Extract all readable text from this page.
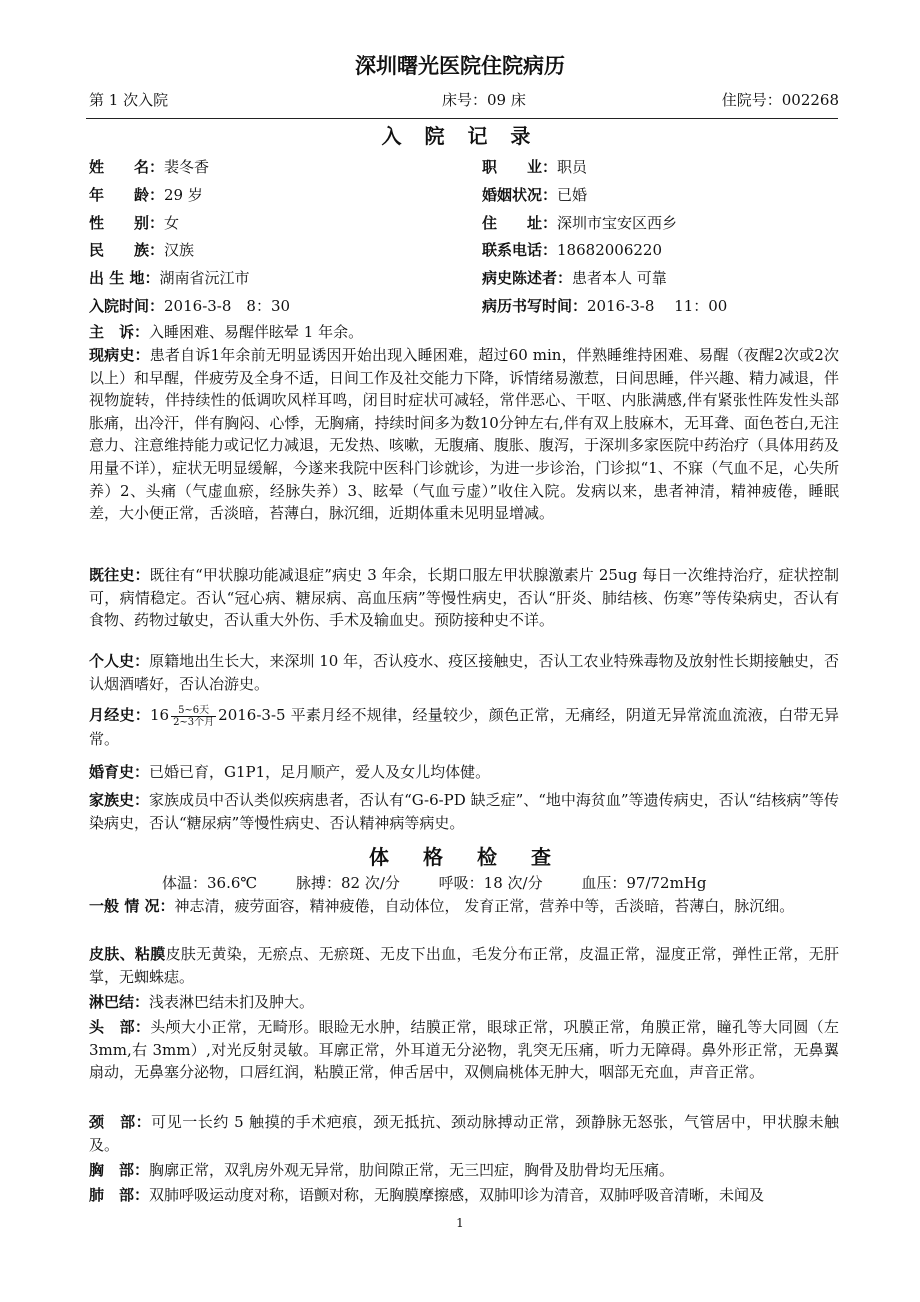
深圳曙光医院住院病历
第 1 次入院	床号：09 床	住院号：002268
入 院 记 录
姓　　名：裴冬香	职　　业：职员
年　　龄：29 岁	婚姻状况：已婚
性　　别：女	住　　址：深圳市宝安区西乡
民　　族：汉族	联系电话：18682006220
出 生 地：湖南省沅江市	病史陈述者：患者本人 可靠
入院时间：2016-3-8　8：30	病历书写时间：2016-3-8　 11：00
主　诉：入睡困难、易醒伴眩晕 1 年余。
现病史：患者自诉1年余前无明显诱因开始出现入睡困难，超过60 min，伴熟睡维持困难、易醒（夜醒2次或2次以上）和早醒，伴疲劳及全身不适，日间工作及社交能力下降，诉情绪易激惹，日间思睡，伴兴趣、精力减退，伴视物旋转，伴持续性的低调吹风样耳鸣，闭目时症状可减轻，常伴恶心、干呕、内胀满感,伴有紧张性阵发性头部胀痛，出冷汗，伴有胸闷、心悸，无胸痛，持续时间多为数10分钟左右,伴有双上肢麻木，无耳聋、面色苍白,无注意力、注意维持能力或记忆力减退，无发热、咳嗽，无腹痛、腹胀、腹泻，于深圳多家医院中药治疗（具体用药及用量不详），症状无明显缓解，今遂来我院中医科门诊就诊，为进一步诊治，门诊拟“1、不寐（气血不足，心失所养）2、头痛（气虚血瘀，经脉失养）3、眩晕（气血亏虚）”收住入院。发病以来，患者神清，精神疲倦，睡眠差，大小便正常，舌淡暗，苔薄白，脉沉细，近期体重未见明显增减。
既往史：既往有“甲状腺功能减退症”病史 3 年余，长期口服左甲状腺激素片 25ug 每日一次维持治疗，症状控制可，病情稳定。否认“冠心病、糖尿病、高血压病”等慢性病史，否认“肝炎、肺结核、伤寒”等传染病史，否认有食物、药物过敏史，否认重大外伤、手术及输血史。预防接种史不详。
个人史：原籍地出生长大，来深圳 10 年，否认疫水、疫区接触史，否认工农业特殊毒物及放射性长期接触史，否认烟酒嗜好，否认冶游史。
月经史：$16 \frac{\text{5\textasciitilde{}6天}}{\text{2\textasciitilde{}3个月}} 2016-3-5$ 平素月经不规律，经量较少，颜色正常，无痛经，阴道无异常流血流液，白带无异常。
婚育史：已婚已育，G1P1，足月顺产，爱人及女儿均体健。
家族史：家族成员中否认类似疾病患者，否认有“G-6-PD 缺乏症”、“地中海贫血”等遗传病史，否认“结核病”等传染病史，否认“糖尿病”等慢性病史、否认精神病等病史。
体 格 检 查
体温：36.6℃	脉搏：82 次/分	呼吸：18 次/分	血压：97/72mHg
一般 情 况：神志清，疲劳面容，精神疲倦，自动体位， 发育正常，营养中等，舌淡暗，苔薄白，脉沉细。
皮肤、粘膜皮肤无黄染，无瘀点、无瘀斑、无皮下出血，毛发分布正常，皮温正常，湿度正常，弹性正常，无肝掌，无蜘蛛痣。
淋巴结：浅表淋巴结未扪及肿大。
头　部：头颅大小正常，无畸形。眼睑无水肿，结膜正常，眼球正常，巩膜正常，角膜正常，瞳孔等大同圆（左 3mm,右 3mm）,对光反射灵敏。耳廓正常，外耳道无分泌物，乳突无压痛，听力无障碍。鼻外形正常，无鼻翼扇动，无鼻塞分泌物，口唇红润，粘膜正常，伸舌居中，双侧扁桃体无肿大，咽部无充血，声音正常。
颈　部：可见一长约 5 触摸的手术疤痕，颈无抵抗、颈动脉搏动正常，颈静脉无怒张，气管居中，甲状腺未触及。
胸　部：胸廓正常，双乳房外观无异常，肋间隙正常，无三凹症，胸骨及肋骨均无压痛。
肺　部：双肺呼吸运动度对称，语颤对称，无胸膜摩擦感，双肺叩诊为清音，双肺呼吸音清晰，未闻及
1
